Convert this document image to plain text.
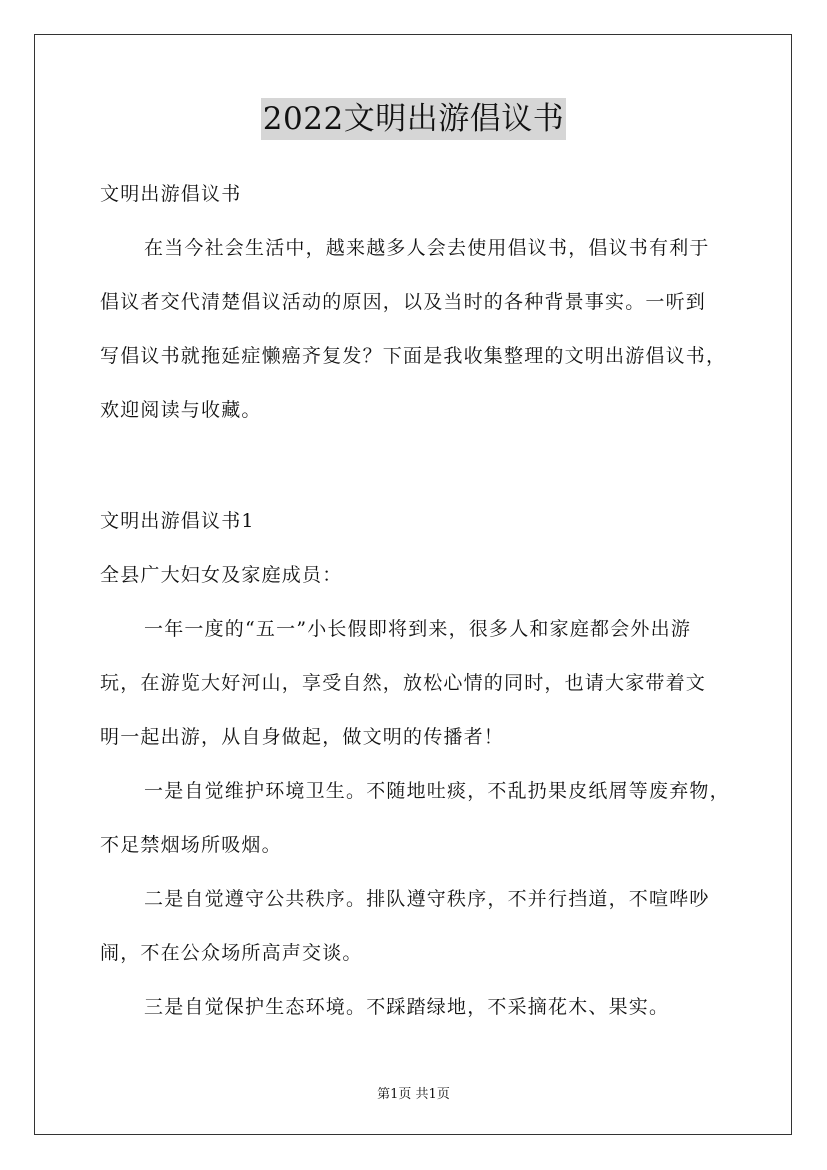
2022文明出游倡议书
文明出游倡议书
在当今社会生活中，越来越多人会去使用倡议书，倡议书有利于
倡议者交代清楚倡议活动的原因，以及当时的各种背景事实。一听到
写倡议书就拖延症懒癌齐复发？下面是我收集整理的文明出游倡议书，
欢迎阅读与收藏。
文明出游倡议书1
全县广大妇女及家庭成员：
一年一度的“五一”小长假即将到来，很多人和家庭都会外出游
玩，在游览大好河山，享受自然，放松心情的同时，也请大家带着文
明一起出游，从自身做起，做文明的传播者！
一是自觉维护环境卫生。不随地吐痰，不乱扔果皮纸屑等废弃物，
不足禁烟场所吸烟。
二是自觉遵守公共秩序。排队遵守秩序，不并行挡道，不喧哗吵
闹，不在公众场所高声交谈。
三是自觉保护生态环境。不踩踏绿地，不采摘花木、果实。
第1页 共1页
